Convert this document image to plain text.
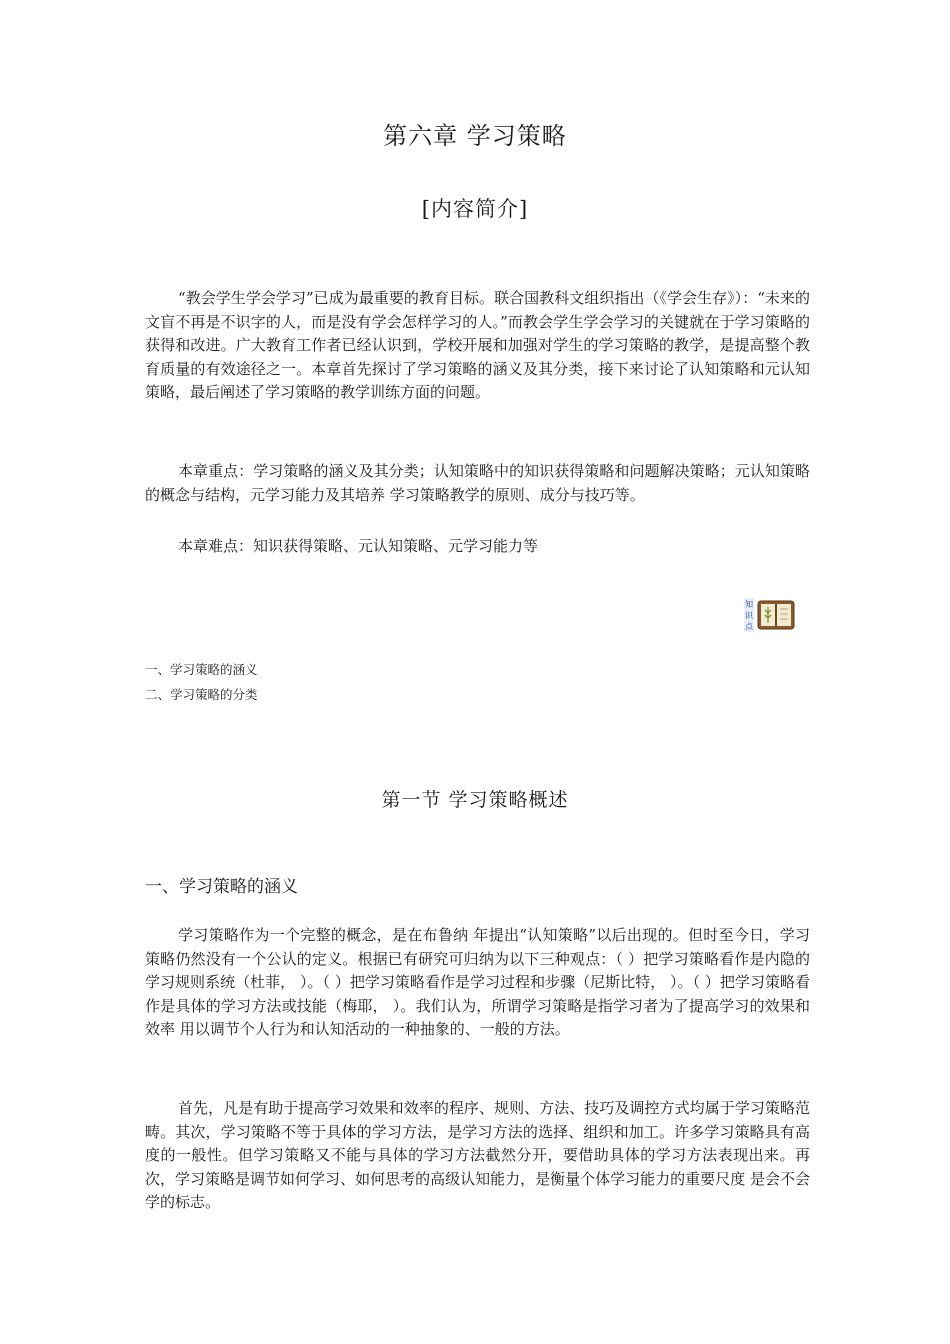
第六章 学习策略
[内容简介]

“教会学生学会学习”已成为最重要的教育目标。联合国教科文组织指出（《学会生存》）：“未来的文盲不再是不识字的人，而是没有学会怎样学习的人。”而教会学生学会学习的关键就在于学习策略的获得和改进。广大教育工作者已经认识到，学校开展和加强对学生的学习策略的教学，是提高整个教育质量的有效途径之一。本章首先探讨了学习策略的涵义及其分类，接下来讨论了认知策略和元认知策略，最后阐述了学习策略的教学训练方面的问题。

本章重点：学习策略的涵义及其分类；认知策略中的知识获得策略和问题解决策略；元认知策略的概念与结构，元学习能力及其培养 学习策略教学的原则、成分与技巧等。

本章难点：知识获得策略、元认知策略、元学习能力等

知
识
点
一、学习策略的涵义
二、学习策略的分类
第一节 学习策略概述
一、学习策略的涵义

学习策略作为一个完整的概念，是在布鲁纳 年提出“认知策略”以后出现的。但时至今日，学习策略仍然没有一个公认的定义。根据已有研究可归纳为以下三种观点：（ ）把学习策略看作是内隐的学习规则系统（杜菲， ）。（ ）把学习策略看作是学习过程和步骤（尼斯比特， ）。（ ）把学习策略看作是具体的学习方法或技能（梅耶， ）。我们认为，所谓学习策略是指学习者为了提高学习的效果和效率 用以调节个人行为和认知活动的一种抽象的、一般的方法。

首先，凡是有助于提高学习效果和效率的程序、规则、方法、技巧及调控方式均属于学习策略范畴。其次，学习策略不等于具体的学习方法，是学习方法的选择、组织和加工。许多学习策略具有高度的一般性。但学习策略又不能与具体的学习方法截然分开，要借助具体的学习方法表现出来。再次，学习策略是调节如何学习、如何思考的高级认知能力，是衡量个体学习能力的重要尺度 是会不会学的标志。
